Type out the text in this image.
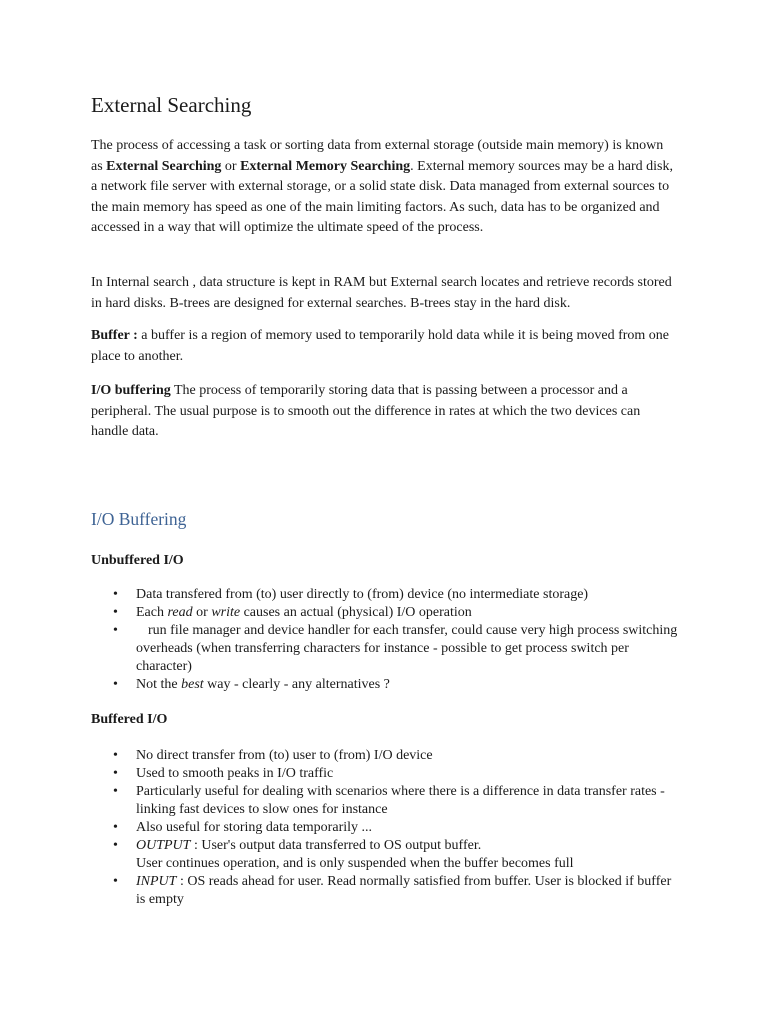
External Searching

The process of accessing a task or sorting data from external storage (outside main memory) is known as External Searching or External Memory Searching. External memory sources may be a hard disk, a network file server with external storage, or a solid state disk. Data managed from external sources to the main memory has speed as one of the main limiting factors. As such, data has to be organized and accessed in a way that will optimize the ultimate speed of the process.

In Internal search , data structure is kept in RAM but External search locates and retrieve records stored in hard disks. B-trees are designed for external searches. B-trees stay in the hard disk.

Buffer : a buffer is a region of memory used to temporarily hold data while it is being moved from one place to another.

I/O buffering The process of temporarily storing data that is passing between a processor and a peripheral. The usual purpose is to smooth out the difference in rates at which the two devices can handle data.

I/O Buffering
Unbuffered I/O
• Data transfered from (to) user directly to (from) device (no intermediate storage)
• Each read or write causes an actual (physical) I/O operation
• run file manager and device handler for each transfer, could cause very high process switching overheads (when transferring characters for instance - possible to get process switch per character)
• Not the best way - clearly - any alternatives ?
Buffered I/O
• No direct transfer from (to) user to (from) I/O device
• Used to smooth peaks in I/O traffic
• Particularly useful for dealing with scenarios where there is a difference in data transfer rates - linking fast devices to slow ones for instance
• Also useful for storing data temporarily ...
• OUTPUT : User's output data transferred to OS output buffer.
User continues operation, and is only suspended when the buffer becomes full
• INPUT : OS reads ahead for user. Read normally satisfied from buffer. User is blocked if buffer is empty
